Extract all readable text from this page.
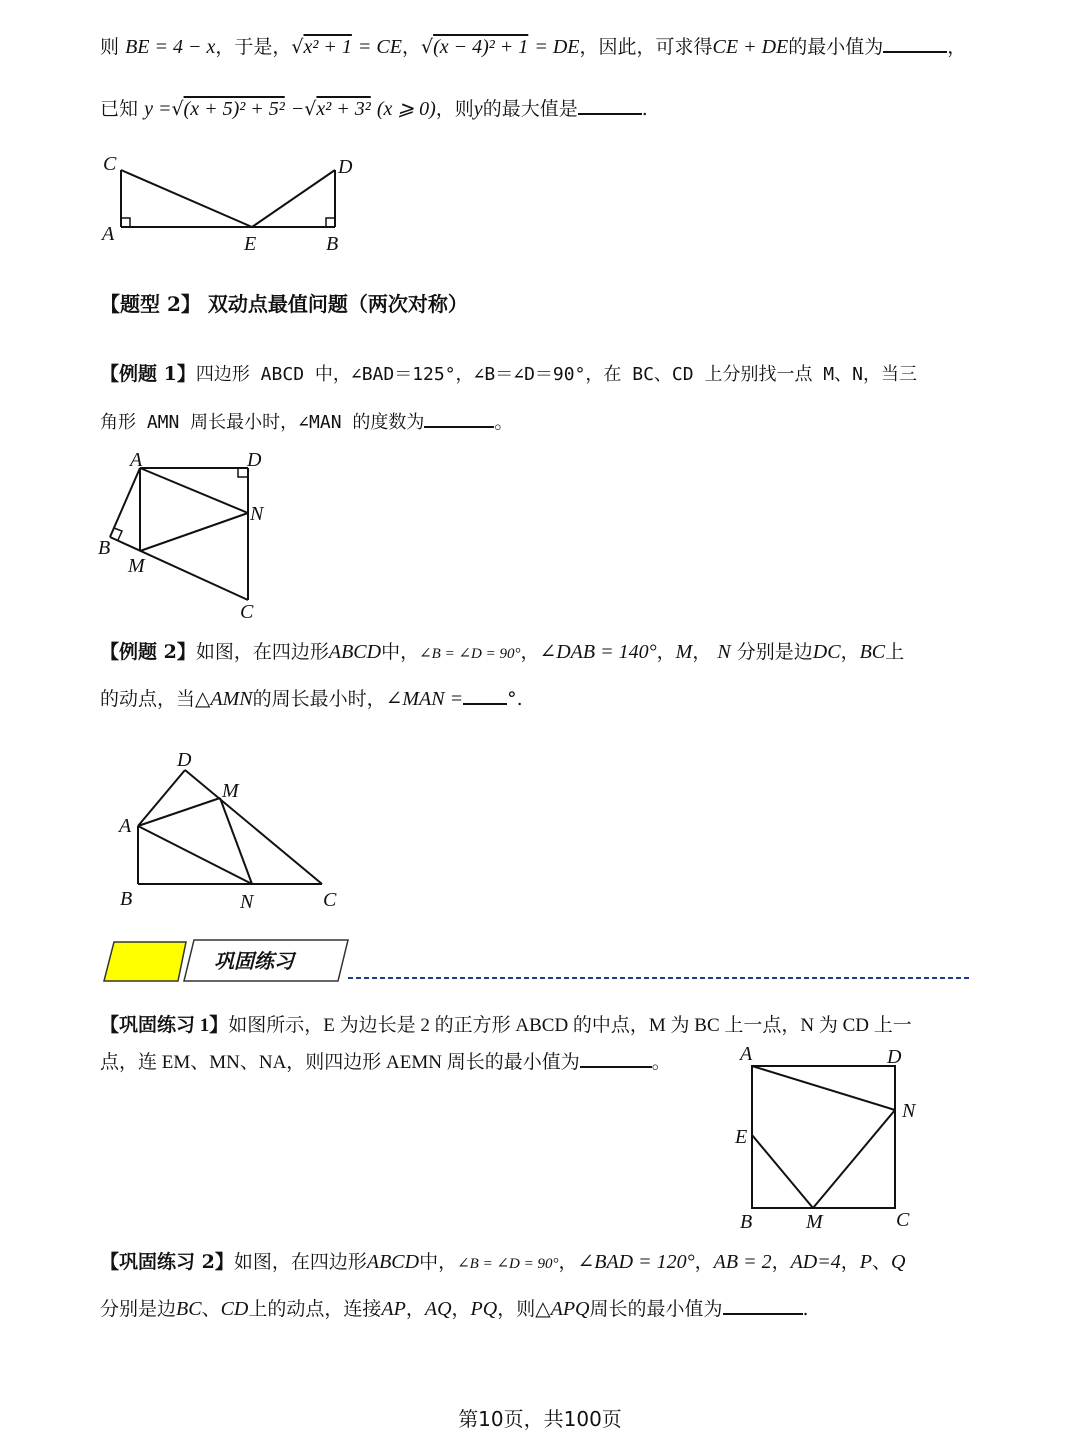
则 BE = 4 − x，于是，√x² + 1 = CE，√(x − 4)² + 1 = DE，因此，可求得CE + DE的最小值为	，
已知 y =√(x + 5)² + 5² −√x² + 3² (x ⩾ 0)，则y的最大值是	.
C	D
A	E	B
【题型 2】 双动点最值问题（两次对称）
【例题 1】四边形 ABCD 中，∠BAD＝125°，∠B＝∠D＝90°，在 BC、CD 上分别找一点 M、N，当三
角形 AMN 周长最小时，∠MAN 的度数为	。
A	D
N
B
M
C
【例题 2】如图，在四边形ABCD中，∠B = ∠D = 90°，∠DAB = 140°，M， N 分别是边DC，BC上
的动点，当△AMN的周长最小时，∠MAN = °.
D
M
A
B	N	C
巩固练习
【巩固练习 1】如图所示，E 为边长是 2 的正方形 ABCD 的中点，M 为 BC 上一点，N 为 CD 上一
点，连 EM、MN、NA，则四边形 AEMN 周长的最小值为	。	A	D
N
E
B	M	C
【巩固练习 2】如图，在四边形ABCD中，∠B = ∠D = 90°，∠BAD = 120°，AB = 2，AD=4，P、Q
分别是边BC、CD上的动点，连接AP，AQ，PQ，则△APQ周长的最小值为	.
第10页，共100页
